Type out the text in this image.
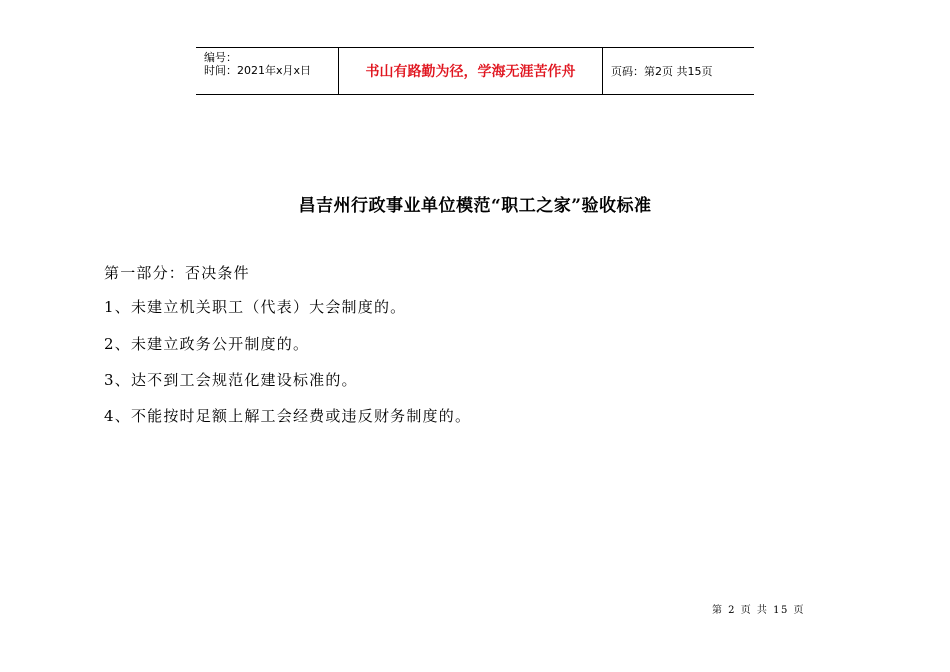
编号：
时间：2021年x月x日	书山有路勤为径，学海无涯苦作舟	页码：第2页 共15页
昌吉州行政事业单位模范“职工之家”验收标准
第一部分：否决条件
1、未建立机关职工（代表）大会制度的。
2、未建立政务公开制度的。
3、达不到工会规范化建设标准的。
4、不能按时足额上解工会经费或违反财务制度的。
第 2 页 共 15 页
